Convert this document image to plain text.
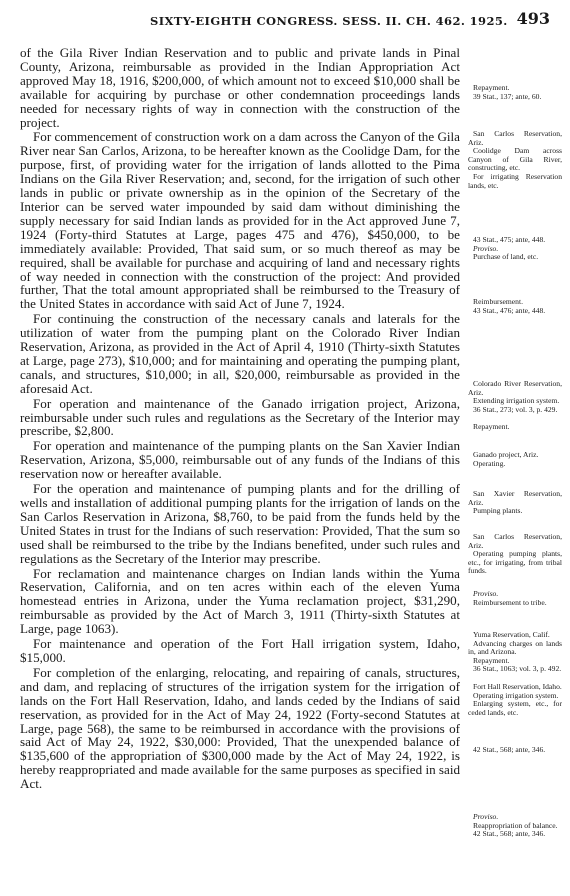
SIXTY-EIGHTH CONGRESS. SESS. II. CH. 462. 1925. 493

of the Gila River Indian Reservation and to public and private lands in Pinal County, Arizona, reimbursable as provided in the Indian Appropriation Act approved May 18, 1916, $200,000, of which amount not to exceed $10,000 shall be available for acquiring by purchase or other condemnation proceedings lands needed for necessary rights of way in connection with the construction of the project.

For commencement of construction work on a dam across the Canyon of the Gila River near San Carlos, Arizona, to be hereafter known as the Coolidge Dam, for the purpose, first, of providing water for the irrigation of lands allotted to the Pima Indians on the Gila River Reservation; and, second, for the irrigation of such other lands in public or private ownership as in the opinion of the Secretary of the Interior can be served water impounded by said dam without diminishing the supply necessary for said Indian lands as provided for in the Act approved June 7, 1924 (Forty-third Statutes at Large, pages 475 and 476), $450,000, to be immediately available: Provided, That said sum, or so much thereof as may be required, shall be available for purchase and acquiring of land and necessary rights of way needed in connection with the construction of the project: And provided further, That the total amount appropriated shall be reimbursed to the Treasury of the United States in accordance with said Act of June 7, 1924.

For continuing the construction of the necessary canals and laterals for the utilization of water from the pumping plant on the Colorado River Indian Reservation, Arizona, as provided in the Act of April 4, 1910 (Thirty-sixth Statutes at Large, page 273), $10,000; and for maintaining and operating the pumping plant, canals, and structures, $10,000; in all, $20,000, reimbursable as provided in the aforesaid Act.

For operation and maintenance of the Ganado irrigation project, Arizona, reimbursable under such rules and regulations as the Secretary of the Interior may prescribe, $2,800.

For operation and maintenance of the pumping plants on the San Xavier Indian Reservation, Arizona, $5,000, reimbursable out of any funds of the Indians of this reservation now or hereafter available.

For the operation and maintenance of pumping plants and for the drilling of wells and installation of additional pumping plants for the irrigation of lands on the San Carlos Reservation in Arizona, $8,760, to be paid from the funds held by the United States in trust for the Indians of such reservation: Provided, That the sum so used shall be reimbursed to the tribe by the Indians benefited, under such rules and regulations as the Secretary of the Interior may prescribe.

For reclamation and maintenance charges on Indian lands within the Yuma Reservation, California, and on ten acres within each of the eleven Yuma homestead entries in Arizona, under the Yuma reclamation project, $31,290, reimbursable as provided by the Act of March 3, 1911 (Thirty-sixth Statutes at Large, page 1063).

For maintenance and operation of the Fort Hall irrigation system, Idaho, $15,000.

For completion of the enlarging, relocating, and repairing of canals, structures, and dam, and replacing of structures of the irrigation system for the irrigation of lands on the Fort Hall Reservation, Idaho, and lands ceded by the Indians of said reservation, as provided for in the Act of May 24, 1922 (Forty-second Statutes at Large, page 568), the same to be reimbursed in accordance with the provisions of said Act of May 24, 1922, $30,000: Provided, That the unexpended balance of $135,600 of the appropriation of $300,000 made by the Act of May 24, 1922, is hereby reappropriated and made available for the same purposes as specified in said Act.

Repayment.
39 Stat., 137; ante, 60.
San Carlos Reservation, Ariz.
Coolidge Dam across Canyon of Gila River, constructing, etc.
For irrigating Reservation lands, etc.
43 Stat., 475; ante, 448.
Proviso.
Purchase of land, etc.
Reimbursement.
43 Stat., 476; ante, 448.
Colorado River Reservation, Ariz.
Extending irrigation system.
36 Stat., 273; vol. 3, p. 429.
Repayment.
Ganado project, Ariz.
Operating.
San Xavier Reservation, Ariz.
Pumping plants.
San Carlos Reservation, Ariz.
Operating pumping plants, etc., for irrigating, from tribal funds.
Proviso.
Reimbursement to tribe.
Yuma Reservation, Calif.
Advancing charges on lands in, and Arizona.
Repayment.
36 Stat., 1063; vol. 3, p. 492.
Fort Hall Reservation, Idaho.
Operating irrigation system.
Enlarging system, etc., for ceded lands, etc.
42 Stat., 568; ante, 346.
Proviso.
Reappropriation of balance.
42 Stat., 568; ante, 346.
